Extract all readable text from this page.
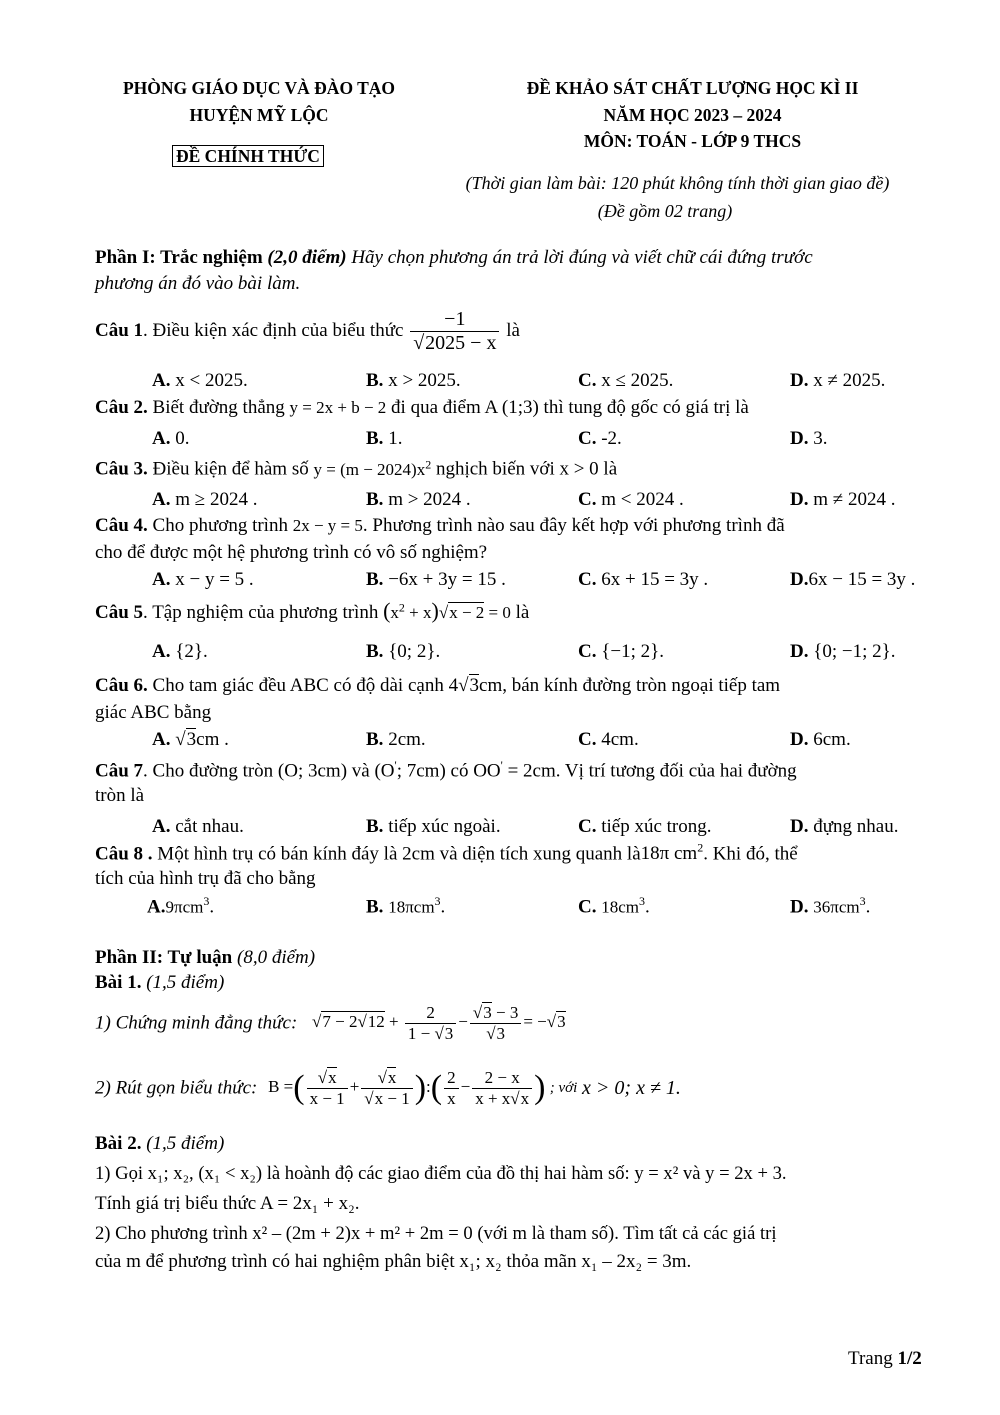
PHÒNG GIÁO DỤC VÀ ĐÀO TẠO
HUYỆN MỸ LỘC
ĐỀ CHÍNH THỨC
ĐỀ KHẢO SÁT CHẤT LƯỢNG HỌC KÌ II
NĂM HỌC 2023 – 2024
MÔN: TOÁN - LỚP 9 THCS
(Thời gian làm bài: 120 phút không tính thời gian giao đề)
(Đề gồm 02 trang)
Phần I: Trắc nghiệm (2,0 điểm) Hãy chọn phương án trả lời đúng và viết chữ cái đứng trước
phương án đó vào bài làm.
Câu 1. Điều kiện xác định của biểu thức $\frac{-1}{√2025 - x}$ là
A. x < 2025.	B. x > 2025.	C. x ≤ 2025.	D. x ≠ 2025.
Câu 2. Biết đường thẳng y = 2x + b − 2 đi qua điểm A (1;3) thì tung độ gốc có giá trị là
A. 0.	B. 1.	C. -2.	D. 3.
Câu 3. Điều kiện để hàm số $y = (m - 2024)x^2$ nghịch biến với x > 0 là
A. m ≥ 2024 .	B. m > 2024 .	C. m < 2024 .	D. m ≠ 2024 .
Câu 4. Cho phương trình 2x − y = 5. Phương trình nào sau đây kết hợp với phương trình đã
cho để được một hệ phương trình có vô số nghiệm?
A. x − y = 5 .	B. −6x + 3y = 15 .	C. 6x + 15 = 3y .	D.6x − 15 = 3y .
Câu 5. Tập nghiệm của phương trình $(x^2 + x)√x - 2 = 0$ là
A. {2}.	B. {0; 2}.	C. {−1; 2}.	D. {0; −1; 2}.
Câu 6. Cho tam giác đều ABC có độ dài cạnh 4√3cm, bán kính đường tròn ngoại tiếp tam
giác ABC bằng
A. √3cm .	B. 2cm.	C. 4cm.	D. 6cm.
Câu 7. Cho đường tròn (O; 3cm) và (O'; 7cm) có OO' = 2cm. Vị trí tương đối của hai đường
tròn là
A. cắt nhau.	B. tiếp xúc ngoài.	C. tiếp xúc trong.	D. đựng nhau.
Câu 8 . Một hình trụ có bán kính đáy là 2cm và diện tích xung quanh là18π $cm^2$. Khi đó, thể
tích của hình trụ đã cho bằng
A.9πcm$^3$.	B. 18πcm$^3$.	C. $18cm^3$.	D. 36πcm$^3$.
Phần II: Tự luận (8,0 điểm)
Bài 1. (1,5 điểm)
1) Chứng minh đẳng thức: $√7 - 2√12 + \frac{2}{1 - √3} - \frac{√3 - 3}{√3} = -√3$
2) Rút gọn biểu thức: B =( $\frac{√x}{x - 1} + \frac{√x}{√x - 1}$ ):( $\frac{2}{x} - \frac{2 - x}{x + x√x}$ ) ; với x > 0; x ≠ 1.
Bài 2. (1,5 điểm)
1) Gọi x₁; x₂, (x₁ < x₂) là hoành độ các giao điểm của đồ thị hai hàm số: y = x² và y = 2x + 3.
Tính giá trị biểu thức A = 2x₁ + x₂.
2) Cho phương trình x² – (2m + 2)x + m² + 2m = 0 (với m là tham số). Tìm tất cả các giá trị
của m để phương trình có hai nghiệm phân biệt x₁; x₂ thỏa mãn x₁ – 2x₂ = 3m.
Trang 1/2
